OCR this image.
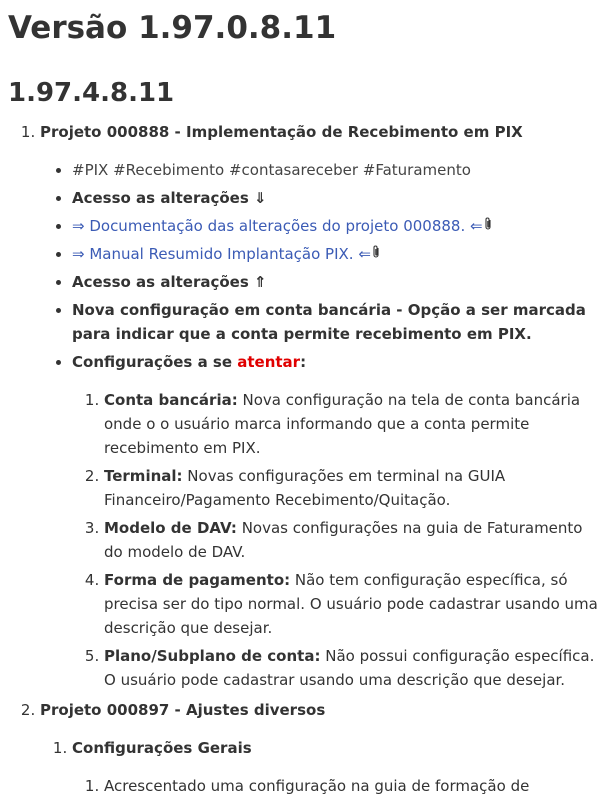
Versão 1.97.0.8.11
1.97.4.8.11
1. Projeto 000888 - Implementação de Recebimento em PIX
• #PIX #Recebimento #contasareceber #Faturamento
• Acesso as alterações ⇓
• ⇒ Documentação das alterações do projeto 000888. ⇐
• ⇒ Manual Resumido Implantação PIX. ⇐
• Acesso as alterações ⇑
• Nova configuração em conta bancária - Opção a ser marcada para indicar que a conta permite recebimento em PIX.
• Configurações a se atentar:
1. Conta bancária: Nova configuração na tela de conta bancária onde o o usuário marca informando que a conta permite recebimento em PIX.
2. Terminal: Novas configurações em terminal na GUIA Financeiro/Pagamento Recebimento/Quitação.
3. Modelo de DAV: Novas configurações na guia de Faturamento do modelo de DAV.
4. Forma de pagamento: Não tem configuração específica, só precisa ser do tipo normal. O usuário pode cadastrar usando uma descrição que desejar.
5. Plano/Subplano de conta: Não possui configuração específica. O usuário pode cadastrar usando uma descrição que desejar.
2. Projeto 000897 - Ajustes diversos
1. Configurações Gerais
1. Acrescentado uma configuração na guia de formação de
